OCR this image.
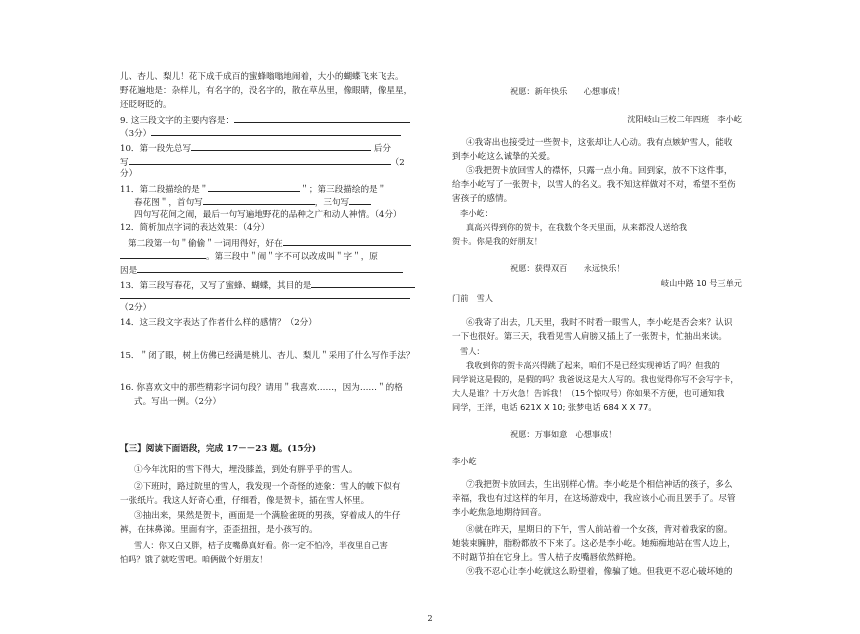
儿、杏儿、梨儿！花下成千成百的蜜蜂嗡嗡地闹着，大小的蝴蝶飞来飞去。
野花遍地是：杂样儿，有名字的，没名字的，散在草丛里，像眼睛，像星星，
还眨呀眨的。
9. 这三段文字的主要内容是：
（3分）
10．第一段先总写	后分
写	（2
分）
11．第二段描绘的是＂	＂；第三段描绘的是＂
春花图＂，首句写	，三句写
四句写花间之闹，最后一句写遍地野花的品种之广和动人神情。（4分）
12．简析加点字词的表达效果：（4分）
第二段第一句＂偷偷＂一词用得好，好在
。第三段中＂闹＂字不可以改成叫＂字＂，原
因是
13．第三段写春花，又写了蜜蜂、蝴蝶，其目的是
（2分）
14．这三段文字表达了作者什么样的感情？（2分）
15．＂闭了眼，树上仿佛已经满是桃儿、杏儿、梨儿＂采用了什么写作手法？
16. 你喜欢文中的那些精彩字词句段？请用＂我喜欢……，因为……＂的格
式。写出一例。（2分）
【三】阅读下面语段，完成 17－－23 题。(15分)
①今年沈阳的雪下得大，埋没膝盖，到处有胖乎乎的雪人。
②下班时，路过院里的雪人，我发现一个奇怪的迹象：雪人的帔下似有
一张纸片。我这人好奇心重，仔细看，像是贺卡，插在雪人怀里。
③抽出来，果然是贺卡，画面是一个满脸雀斑的男孩，穿着成人的牛仔
裤，在抹鼻涕。里面有字，歪歪扭扭，是小孩写的。
雪人：你又白又胖，桔子皮嘴鼻真好看。你一定不怕冷，半夜里自己害
怕吗？饿了就吃雪吧。咱俩做个好朋友！
祝愿：新年快乐　　心想事成！
沈阳岐山三校二年四班　李小屹
④我寄出也接受过一些贺卡，这张却让人心动。我有点嫉妒雪人，能收
到李小屹这么诚挚的关爱。
⑤我把贺卡放回雪人的襟怀，只露一点小角。回到家，放不下这件事，
给李小屹写了一张贺卡，以雪人的名义。我不知这样做对不对，希望不至伤
害孩子的感情。
李小屹：
真高兴得到你的贺卡，在我数个冬天里面，从来都没人送给我
贺卡。你是我的好朋友！
祝愿：获得双百　　永远快乐！
岐山中路 10 号三单元
门前　雪人
⑥我寄了出去，几天里，我时不时看一眼雪人，李小屹是否会来？认识
一下也很好。第三天，我看见雪人肩膀又插上了一张贺卡，忙抽出来读。
雪人：
我收到你的贺卡高兴得跳了起来，咱们不是已经实现神话了吗？但我的
同学说这是假的，是假的吗？我爸说这是大人写的。我也觉得你写不会写字卡，
大人是谁？十万火急！告诉我！（15个惊叹号）你如果不方便，也可通知我
同学，王洋，电话 621X X 10; 张梦电话 684 X X 77。
祝愿：万事如意　心想事成！
李小屹
⑦我把贺卡放回去，生出别样心情。李小屹是个相信神话的孩子，多么
幸福，我也有过这样的年月，在这场游戏中，我应该小心而且罢手了。尽管
李小屹焦急地期待回音。
⑧就在昨天，星期日的下午，雪人前站着一个女孩，背对着我家的窗。
她装束臃肿，脂粉都放不下来了。这必是李小屹。她痴痴地站在雪人边上，
不时踮节拍在它身上。雪人桔子皮嘴唇依然鲜艳。
⑨我不忍心让李小屹就这么盼望着，像骗了她。但我更不忍心破坏她的
2
